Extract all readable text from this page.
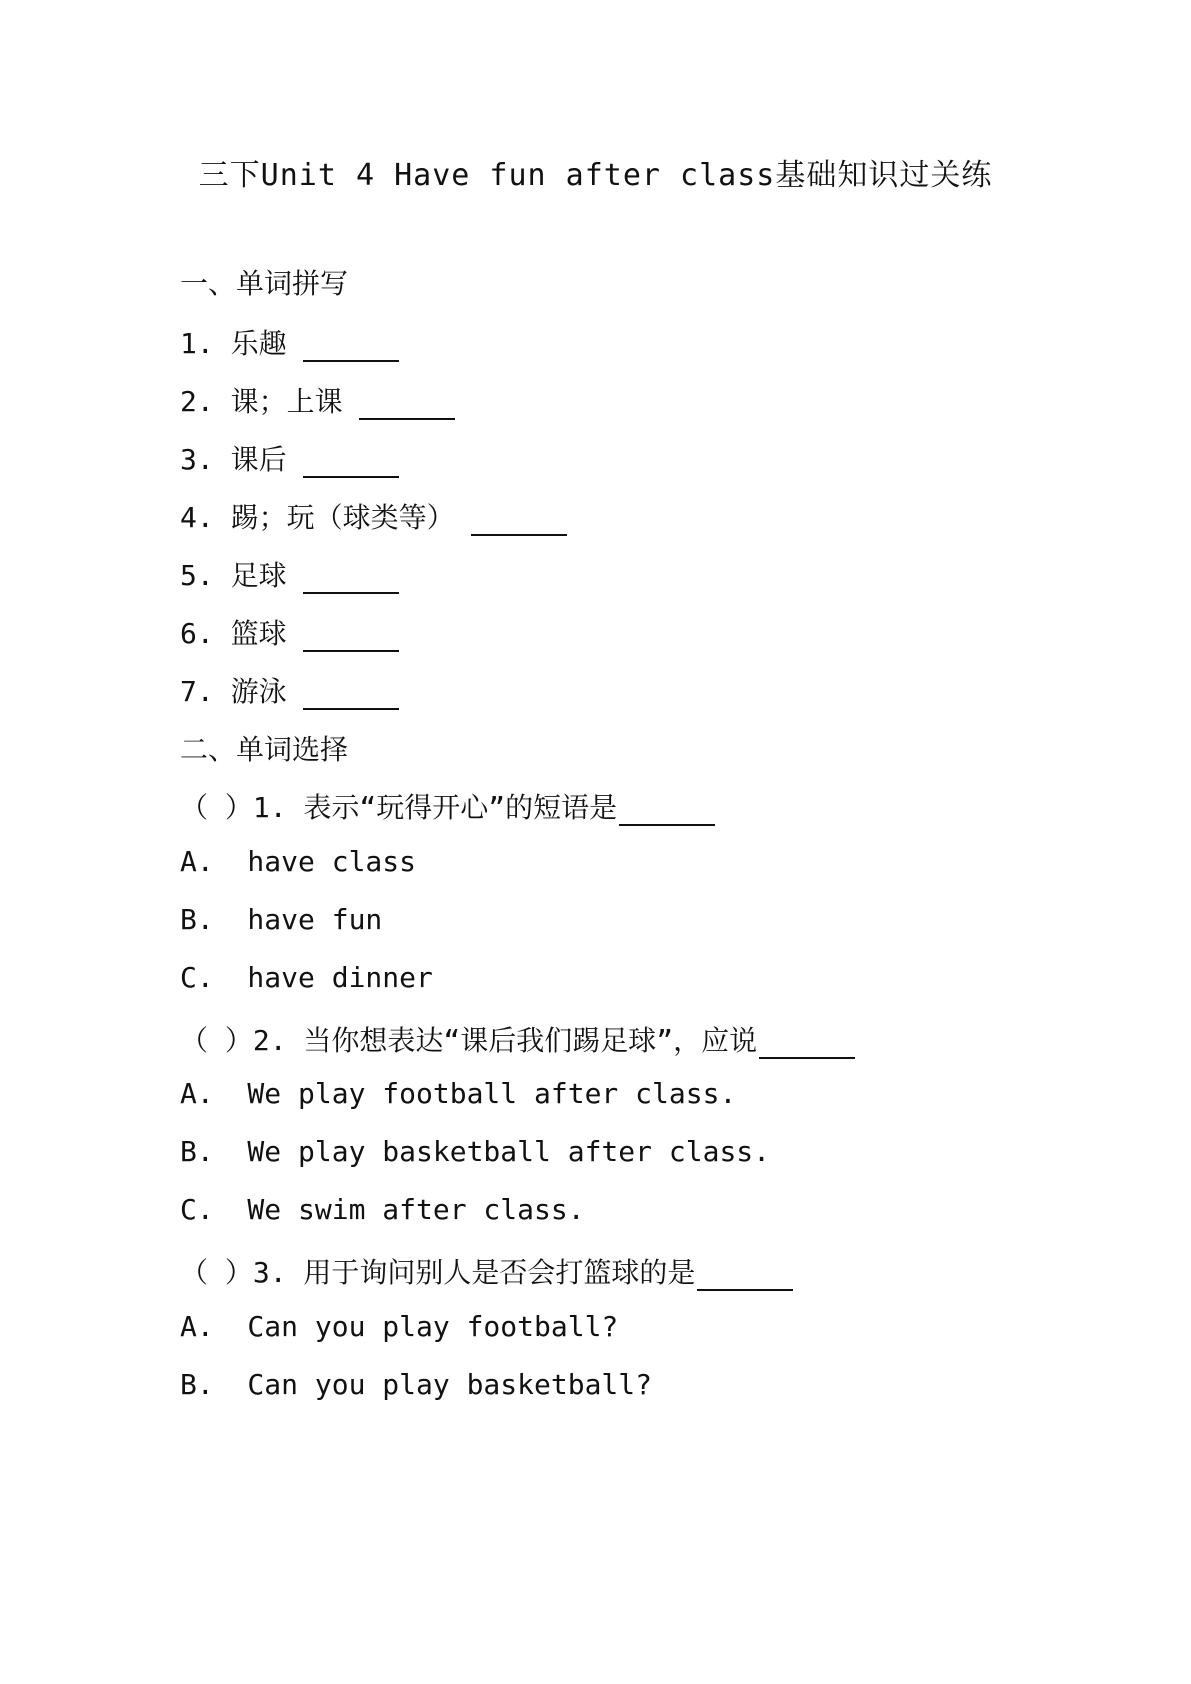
三下Unit 4 Have fun after class基础知识过关练
一、单词拼写
1. 乐趣
2. 课；上课
3. 课后
4. 踢；玩（球类等）
5. 足球
6. 篮球
7. 游泳
二、单词选择
（ ）1. 表示“玩得开心”的短语是
A.  have class
B.  have fun
C.  have dinner
（ ）2. 当你想表达“课后我们踢足球”，应说
A.  We play football after class.
B.  We play basketball after class.
C.  We swim after class.
（ ）3. 用于询问别人是否会打篮球的是
A.  Can you play football?
B.  Can you play basketball?
